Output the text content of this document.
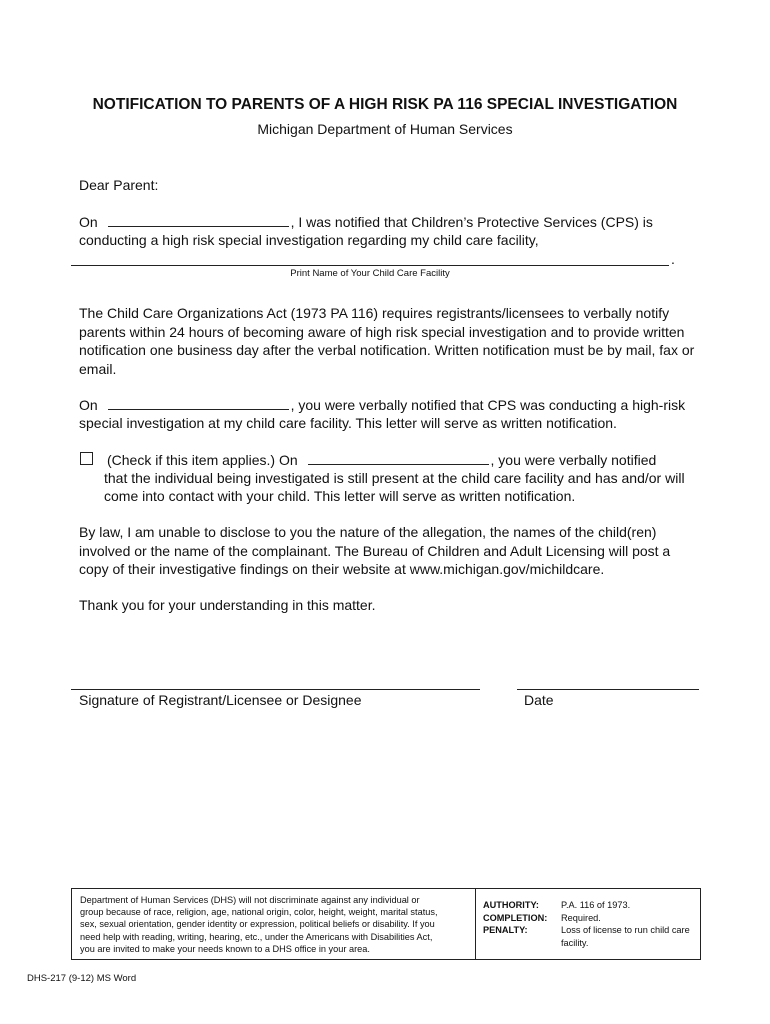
NOTIFICATION TO PARENTS OF A HIGH RISK PA 116 SPECIAL INVESTIGATION
Michigan Department of Human Services
Dear Parent:
On	, I was notified that Children’s Protective Services (CPS) is
conducting a high risk special investigation regarding my child care facility,
.
Print Name of Your Child Care Facility
The Child Care Organizations Act (1973 PA 116) requires registrants/licensees to verbally notify
parents within 24 hours of becoming aware of high risk special investigation and to provide written
notification one business day after the verbal notification. Written notification must be by mail, fax or
email.
On	, you were verbally notified that CPS was conducting a high-risk
special investigation at my child care facility. This letter will serve as written notification.
(Check if this item applies.) On	, you were verbally notified
that the individual being investigated is still present at the child care facility and has and/or will
come into contact with your child. This letter will serve as written notification.
By law, I am unable to disclose to you the nature of the allegation, the names of the child(ren)
involved or the name of the complainant. The Bureau of Children and Adult Licensing will post a
copy of their investigative findings on their website at www.michigan.gov/michildcare.
Thank you for your understanding in this matter.
Signature of Registrant/Licensee or Designee	Date
Department of Human Services (DHS) will not discriminate against any individual or
group because of race, religion, age, national origin, color, height, weight, marital status,
sex, sexual orientation, gender identity or expression, political beliefs or disability. If you
need help with reading, writing, hearing, etc., under the Americans with Disabilities Act,
you are invited to make your needs known to a DHS office in your area.
AUTHORITY:	P.A. 116 of 1973.
COMPLETION:	Required.
PENALTY:	Loss of license to run child care facility.
DHS-217 (9-12) MS Word
